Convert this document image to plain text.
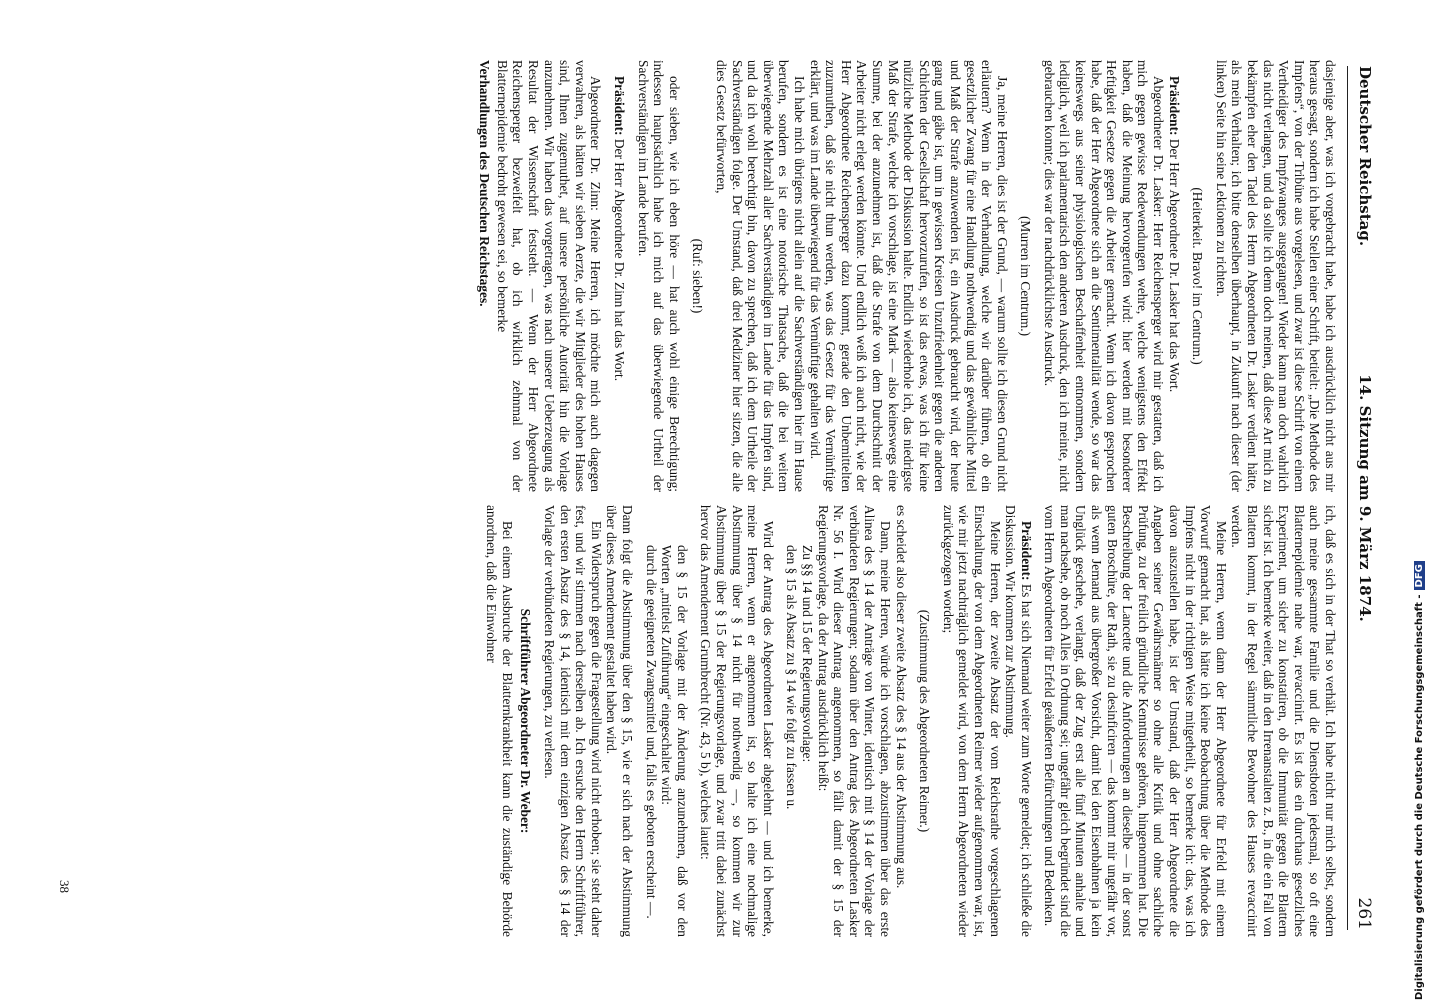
Deutscher Reichstag.
14. Sitzung am 9. März 1874.
261

dasjenige aber, was ich vorgebracht habe, habe ich ausdrücklich nicht aus mir heraus gesagt, sondern ich habe Stellen einer Schrift, betitelt: „Die Methode des Impfens“, von der Tribüne aus vorgelesen, und zwar ist diese Schrift von einem Vertheidiger des Impfzwanges ausgegangen! Wieder kann man doch wahrlich das nicht verlangen, und da sollte ich denn doch meinen, daß diese Art mich zu bekämpfen eher den Tadel des Herrn Abgeordneten Dr. Lasker verdient hätte, als mein Verhalten; ich bitte denselben überhaupt, in Zukunft nach dieser (der linken) Seite hin seine Lektionen zu richten.

(Heiterkeit. Bravo! im Centrum.)

Präsident: Der Herr Abgeordnete Dr. Lasker hat das Wort.

Abgeordneter Dr. Lasker: Herr Reichensperger wird mir gestatten, daß ich mich gegen gewisse Redewendungen wehre, welche wenigstens den Effekt haben, daß die Meinung hervorgerufen wird: hier werden mit besonderer Heftigkeit Gesetze gegen die Arbeiter gemacht. Wenn ich davon gesprochen habe, daß der Herr Abgeordnete sich an die Sentimentalität wende, so war das keineswegs aus seiner physiologischen Beschaffenheit entnommen, sondern lediglich, weil ich parlamentarisch den anderen Ausdruck, den ich meinte, nicht gebrauchen konnte; dies war der nachdrücklichste Ausdruck.

(Murren im Centrum.)

Ja, meine Herren, dies ist der Grund, — warum sollte ich diesen Grund nicht erläutern? Wenn in der Verhandlung, welche wir darüber führen, ob ein gesetzlicher Zwang für eine Handlung nothwendig und das gewöhnliche Mittel und Maß der Strafe anzuwenden ist, ein Ausdruck gebraucht wird, der heute gang und gäbe ist, um in gewissen Kreisen Unzufriedenheit gegen die anderen Schichten der Gesellschaft hervorzurufen, so ist das etwas, was ich für keine nützliche Methode der Diskussion halte. Endlich wiederhole ich, das niedrigste Maß der Strafe, welche ich vorschlage, ist eine Mark — also keineswegs eine Summe, bei der anzunehmen ist, daß die Strafe von dem Durchschnitt der Arbeiter nicht erlegt werden könnte. Und endlich weiß ich auch nicht, wie der Herr Abgeordnete Reichensperger dazu kommt, gerade den Unbemittelten zuzumuthen, daß sie nicht thun werden, was das Gesetz für das Vernünftige erklärt, und was im Lande überwiegend für das Vernünftige gehalten wird.

Ich habe mich übrigens nicht allein auf die Sachverständigen hier im Hause berufen, sondern es ist eine notorische Thatsache, daß die bei weitem überwiegende Mehrzahl aller Sachverständigen im Lande für das Impfen sind, und da ich wohl berechtigt bin, davon zu sprechen, daß ich dem Urtheile der Sachverständigen folge. Der Umstand, daß drei Mediziner hier sitzen, die alle dies Gesetz befürworten,

(Ruf: sieben!)

oder sieben, wie ich eben höre — hat auch wohl einige Berechtigung; indessen hauptsächlich habe ich mich auf das überwiegende Urtheil der Sachverständigen im Lande berufen.

Präsident: Der Herr Abgeordnete Dr. Zinn hat das Wort.

Abgeordneter Dr. Zinn: Meine Herren, ich möchte mich auch dagegen verwahren, als hätten wir sieben Aerzte, die wir Mitglieder des hohen Hauses sind, Ihnen zugemuthet, auf unsere persönliche Autorität hin die Vorlage anzunehmen. Wir haben das vorgetragen, was nach unserer Ueberzeugung als Resultat der Wissenschaft feststeht. — Wenn der Herr Abgeordnete Reichensperger bezweifelt hat, ob ich wirklich zehnmal von der Blatternepidemie bedroht gewesen sei, so bemerke

Verhandlungen des Deutschen Reichstages.

ich, daß es sich in der That so verhält. Ich habe nicht nur mich selbst, sondern auch meine gesammte Familie und die Dienstboten jedesmal, so oft eine Blatternepidemie nahe war, revaccinirt. Es ist das ein durchaus gesetzliches Experiment, um sicher zu konstatiren, ob die Immunität gegen die Blattern sicher ist. Ich bemerke weiter, daß in den Irrenanstalten z. B., in die ein Fall von Blattern kommt, in der Regel sämmtliche Bewohner des Hauses revaccinirt werden.

Meine Herren, wenn dann der Herr Abgeordnete für Erfeld mit einem Vorwurf gemacht hat, als hätte ich keine Beobachtung über die Methode des Impfens nicht in der richtigen Weise mitgetheilt, so bemerke ich: das, was ich davon auszustellen habe, ist der Umstand, daß der Herr Abgeordnete die Angaben seiner Gewährsmänner so ohne alle Kritik und ohne sachliche Prüfung, zu der freilich gründliche Kenntnisse gehören, hingenommen hat. Die Beschreibung der Lancette und die Anforderungen an dieselbe — in der sonst guten Broschüre, der Rath, sie zu desinficiren — das kommt mir ungefähr vor, als wenn Jemand aus übergroßer Vorsicht, damit bei den Eisenbahnen ja kein Unglück geschehe, verlangt, daß der Zug erst alle fünf Minuten anhalte und man nachsehe, ob noch Alles in Ordnung sei; ungefähr gleich begründet sind die vom Herrn Abgeordneten für Erfeld geäußerten Befürchtungen und Bedenken.

Präsident: Es hat sich Niemand weiter zum Worte gemeldet; ich schließe die Diskussion. Wir kommen zur Abstimmung.

Meine Herren, der zweite Absatz der vom Reichsrathe vorgeschlagenen Einschaltung, der von dem Abgeordneten Reimer wieder aufgenommen war, ist, wie mir jetzt nachträglich gemeldet wird, von dem Herrn Abgeordneten wieder zurückgezogen worden;

(Zustimmung des Abgeordneten Reimer.)

es scheidet also dieser zweite Absatz des § 14 aus der Abstimmung aus.

Dann, meine Herren, würde ich vorschlagen, abzustimmen über das erste Alinea des § 14 der Anträge von Winter, identisch mit § 14 der Vorlage der verbündeten Regierungen; sodann über den Antrag des Abgeordneten Lasker Nr. 56 I. Wird dieser Antrag angenommen, so fällt damit der § 15 der Regierungsvorlage, da der Antrag ausdrücklich heißt:

Zu §§ 14 und 15 der Regierungsvorlage:

den § 15 als Absatz zu § 14 wie folgt zu fassen u.

Wird der Antrag des Abgeordneten Lasker abgelehnt — und ich bemerke, meine Herren, wenn er angenommen ist, so halte ich eine nochmalige Abstimmung über § 14 nicht für nothwendig —, so kommen wir zur Abstimmung über § 15 der Regierungsvorlage, und zwar tritt dabei zunächst hervor das Amendement Grumbrecht (Nr. 43, 5 b), welches lautet:

den § 15 der Vorlage mit der Änderung anzunehmen, daß vor den Worten „mittelst Zuführung“ eingeschaltet wird:

durch die geeigneten Zwangsmittel und, falls es geboten erscheint —.

Dann folgt die Abstimmung über den § 15, wie er sich nach der Abstimmung über dieses Amendement gestaltet haben wird.

Ein Widerspruch gegen die Fragestellung wird nicht erhoben; sie steht daher fest, und wir stimmen nach derselben ab. Ich ersuche den Herrn Schriftführer, den ersten Absatz des § 14, identisch mit dem einzigen Absatz des § 14 der Vorlage der verbündeten Regierungen, zu verlesen.

Schriftführer Abgeordneter Dr. Weber:

Bei einem Ausbruche der Blatternkrankheit kann die zuständige Behörde anordnen, daß die Einwohner

38	Digitalisierung gefördert durch die Deutsche Forschungsgemeinschaft -DFG
